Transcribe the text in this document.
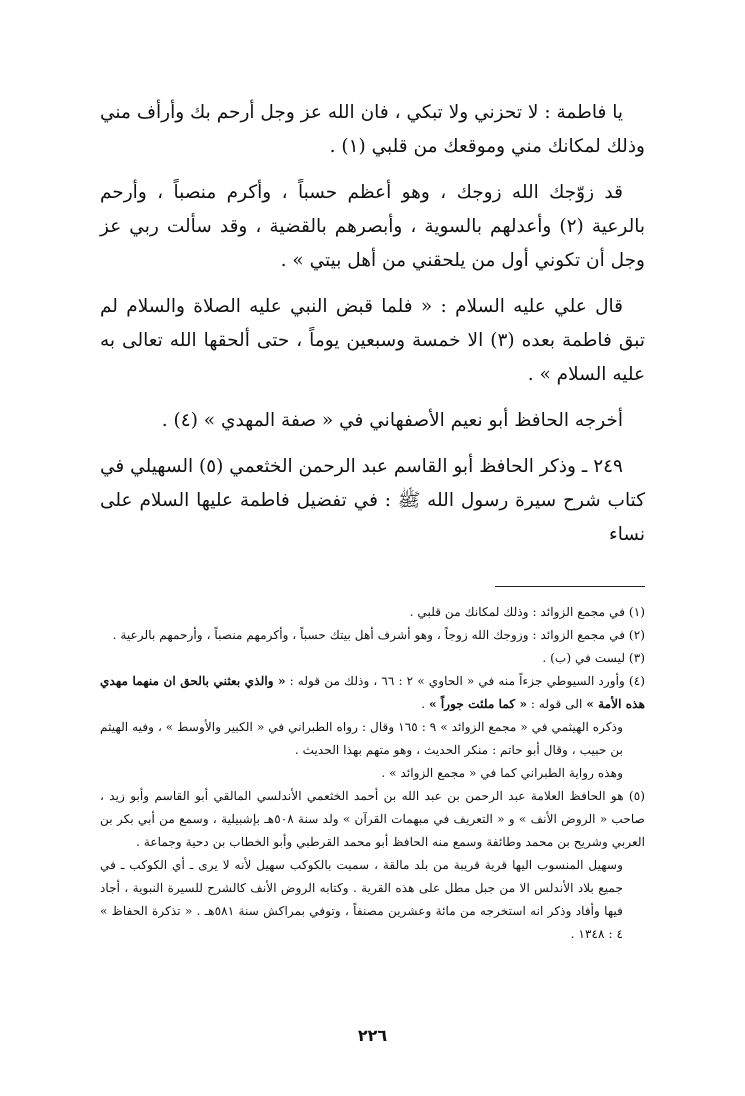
يا فاطمة : لا تحزني ولا تبكي ، فان الله عز وجل أرحم بك وأرأف مني وذلك لمكانك مني وموقعك من قلبي (١) .

قد زوّجك الله زوجك ، وهو أعظم حسباً ، وأكرم منصباً ، وأرحم بالرعية (٢) وأعدلهم بالسوية ، وأبصرهم بالقضية ، وقد سألت ربي عز وجل أن تكوني أول من يلحقني من أهل بيتي » .

قال علي عليه السلام : « فلما قبض النبي عليه الصلاة والسلام لم تبق فاطمة بعده (٣) الا خمسة وسبعين يوماً ، حتى ألحقها الله تعالى به عليه السلام » .

أخرجه الحافظ أبو نعيم الأصفهاني في « صفة المهدي » (٤) .

٢٤٩ ـ وذكر الحافظ أبو القاسم عبد الرحمن الخثعمي (٥) السهيلي في كتاب شرح سيرة رسول الله ﷺ : في تفضيل فاطمة عليها السلام على نساء

(١) في مجمع الزوائد : وذلك لمكانك من قلبي .

(٢) في مجمع الزوائد : وزوجك الله زوجاً ، وهو أشرف أهل بيتك حسباً ، وأكرمهم منصباً ، وأرحمهم بالرعية .

(٣) ليست في (ب) .

(٤) وأورد السيوطي جزءاً منه في « الحاوي » ٢ : ٦٦ ، وذلك من قوله : « والذي بعثني بالحق ان منهما مهدي هذه الأمة » الى قوله : « كما ملئت جوراً » .

وذكره الهيثمي في « مجمع الزوائد » ٩ : ١٦٥ وقال : رواه الطبراني في « الكبير والأوسط » ، وفيه الهيثم بن حبيب ، وقال أبو حاتم : منكر الحديث ، وهو متهم بهذا الحديث .

وهذه رواية الطبراني كما في « مجمع الزوائد » .

(٥) هو الحافظ العلامة عبد الرحمن بن عبد الله بن أحمد الخثعمي الأندلسي المالقي أبو القاسم وأبو زيد ، صاحب « الروض الأنف » و « التعريف في مبهمات القرآن » ولد سنة ٥٠٨هـ بإشبيلية ، وسمع من أبي بكر بن العربي وشريح بن محمد وطائفة وسمع منه الحافظ أبو محمد القرطبي وأبو الخطاب بن دحية وجماعة .

وسهيل المنسوب اليها قرية قريبة من بلد مالقة ، سميت بالكوكب سهيل لأنه لا يرى ـ أي الكوكب ـ في جميع بلاد الأندلس الا من جبل مطل على هذه القرية . وكتابه الروض الأنف كالشرح للسيرة النبوية ، أجاد فيها وأفاد وذكر انه استخرجه من مائة وعشرين مصنفاً ، وتوفي بمراكش سنة ٥٨١هـ . « تذكرة الحفاظ » ٤ : ١٣٤٨ .

٢٢٦
